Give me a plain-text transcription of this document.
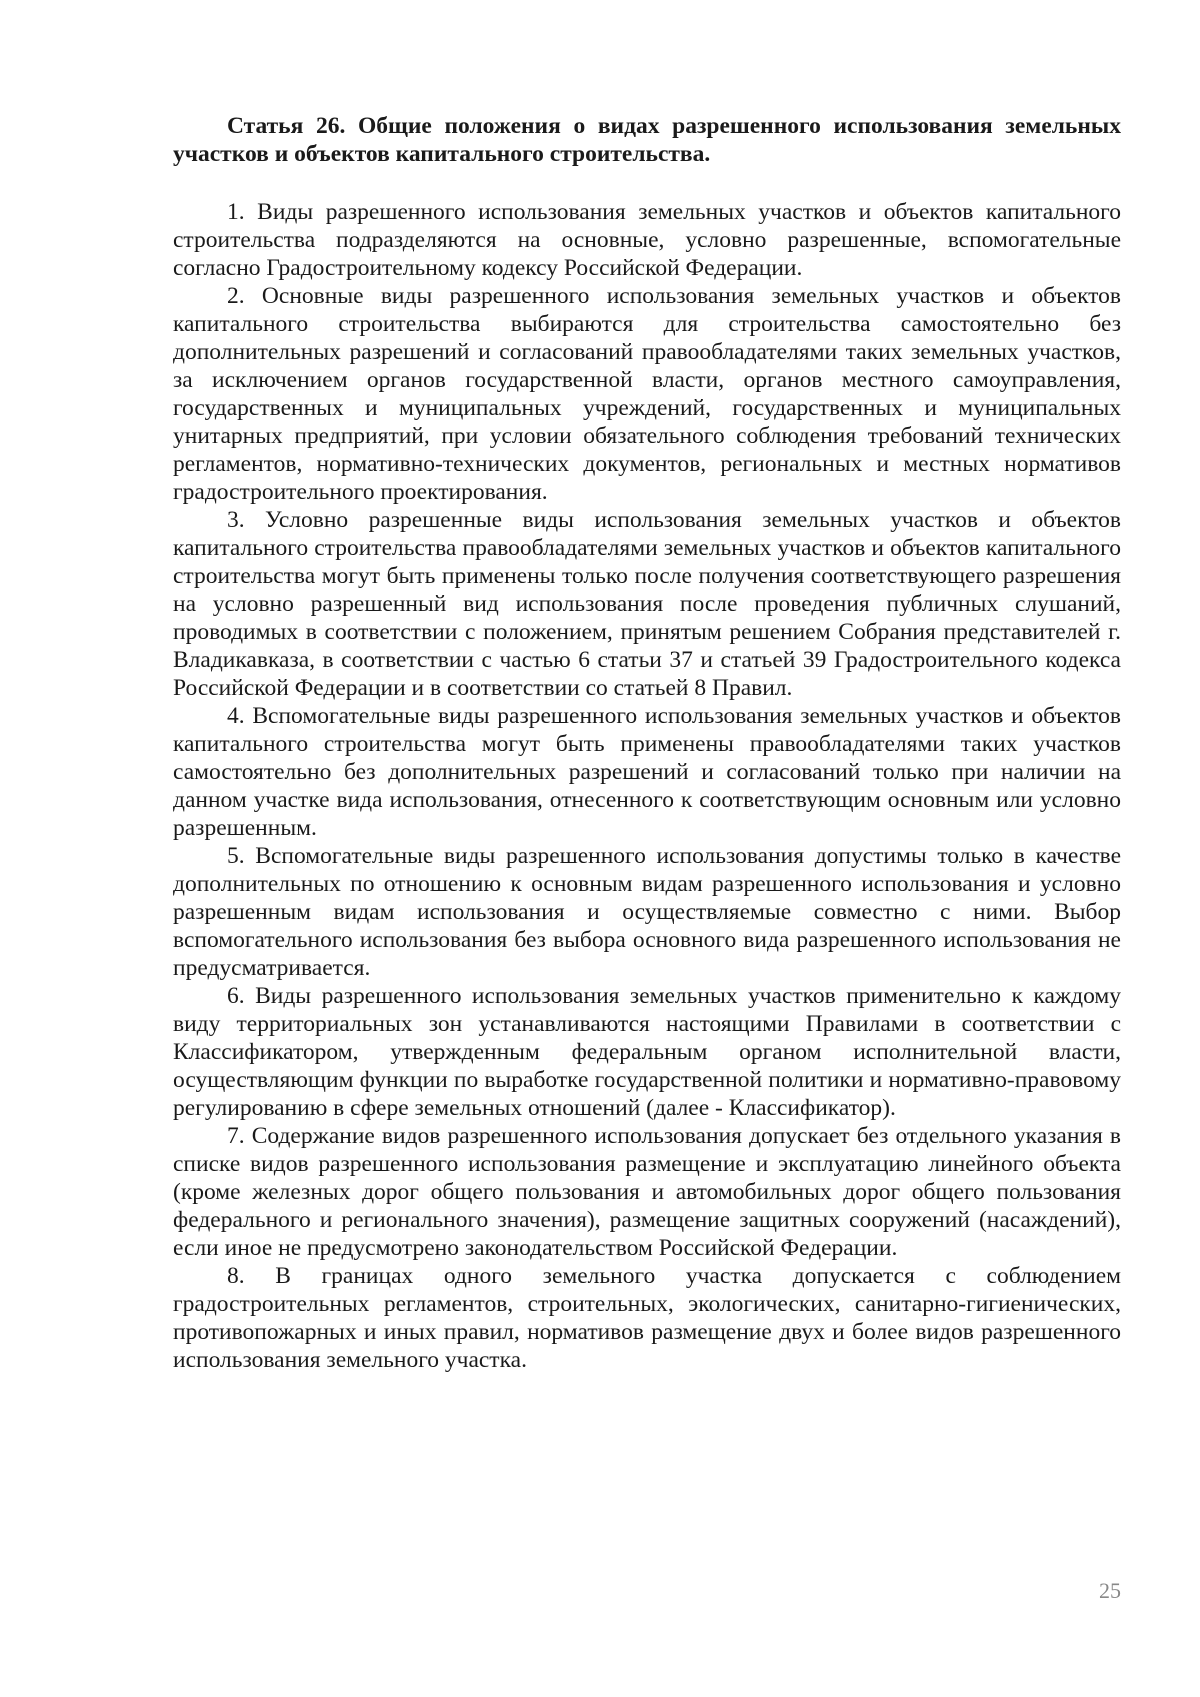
Статья 26. Общие положения о видах разрешенного использования земельных участков и объектов капитального строительства.

1. Виды разрешенного использования земельных участков и объектов капитального строительства подразделяются на основные, условно разрешенные, вспомогательные согласно Градостроительному кодексу Российской Федерации.

2. Основные виды разрешенного использования земельных участков и объектов капитального строительства выбираются для строительства самостоятельно без дополнительных разрешений и согласований правообладателями таких земельных участков, за исключением органов государственной власти, органов местного самоуправления, государственных и муниципальных учреждений, государственных и муниципальных унитарных предприятий, при условии обязательного соблюдения требований технических регламентов, нормативно-технических документов, региональных и местных нормативов градостроительного проектирования.

3. Условно разрешенные виды использования земельных участков и объектов капитального строительства правообладателями земельных участков и объектов капитального строительства могут быть применены только после получения соответствующего разрешения на условно разрешенный вид использования после проведения публичных слушаний, проводимых в соответствии с положением, принятым решением Собрания представителей г. Владикавказа, в соответствии с частью 6 статьи 37 и статьей 39 Градостроительного кодекса Российской Федерации и в соответствии со статьей 8 Правил.

4. Вспомогательные виды разрешенного использования земельных участков и объектов капитального строительства могут быть применены правообладателями таких участков самостоятельно без дополнительных разрешений и согласований только при наличии на данном участке вида использования, отнесенного к соответствующим основным или условно разрешенным.

5. Вспомогательные виды разрешенного использования допустимы только в качестве дополнительных по отношению к основным видам разрешенного использования и условно разрешенным видам использования и осуществляемые совместно с ними. Выбор вспомогательного использования без выбора основного вида разрешенного использования не предусматривается.

6. Виды разрешенного использования земельных участков применительно к каждому виду территориальных зон устанавливаются настоящими Правилами в соответствии с Классификатором, утвержденным федеральным органом исполнительной власти, осуществляющим функции по выработке государственной политики и нормативно-правовому регулированию в сфере земельных отношений (далее - Классификатор).

7. Содержание видов разрешенного использования допускает без отдельного указания в списке видов разрешенного использования размещение и эксплуатацию линейного объекта (кроме железных дорог общего пользования и автомобильных дорог общего пользования федерального и регионального значения), размещение защитных сооружений (насаждений), если иное не предусмотрено законодательством Российской Федерации.

8. В границах одного земельного участка допускается с соблюдением градостроительных регламентов, строительных, экологических, санитарно-гигиенических, противопожарных и иных правил, нормативов размещение двух и более видов разрешенного использования земельного участка.

25
